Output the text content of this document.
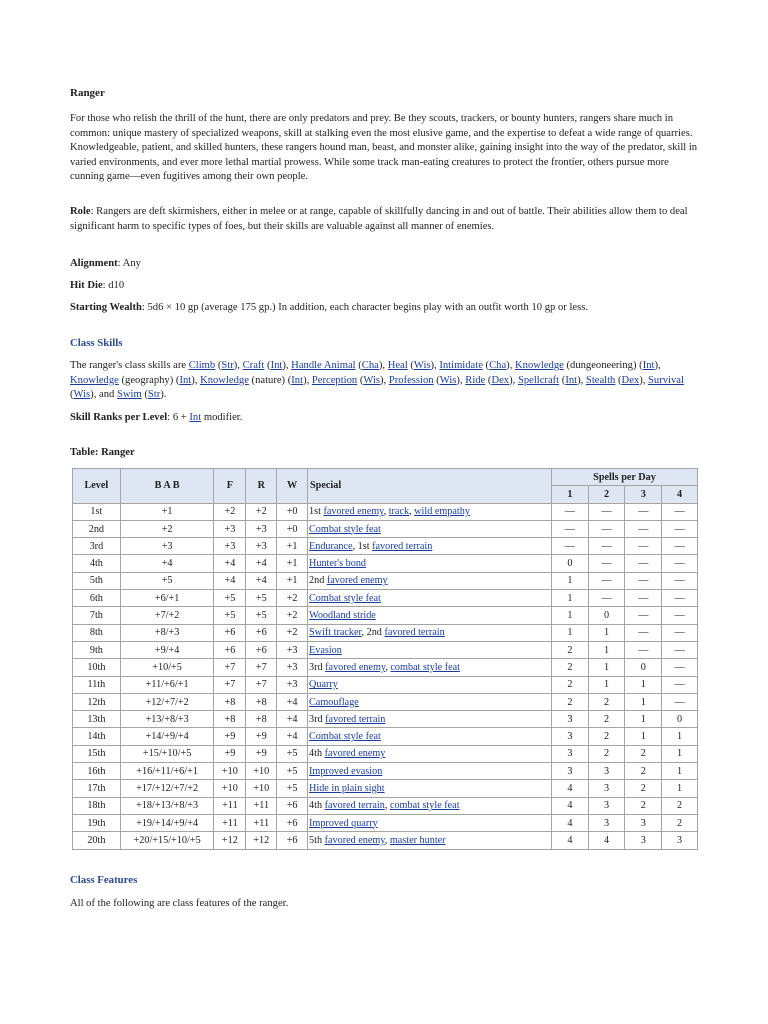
Ranger

For those who relish the thrill of the hunt, there are only predators and prey. Be they scouts, trackers, or bounty hunters, rangers share much in common: unique mastery of specialized weapons, skill at stalking even the most elusive game, and the expertise to defeat a wide range of quarries. Knowledgeable, patient, and skilled hunters, these rangers hound man, beast, and monster alike, gaining insight into the way of the predator, skill in varied environments, and ever more lethal martial prowess. While some track man-eating creatures to protect the frontier, others pursue more cunning game—even fugitives among their own people.

Role: Rangers are deft skirmishers, either in melee or at range, capable of skillfully dancing in and out of battle. Their abilities allow them to deal significant harm to specific types of foes, but their skills are valuable against all manner of enemies.

Alignment: Any

Hit Die: d10

Starting Wealth: 5d6 × 10 gp (average 175 gp.) In addition, each character begins play with an outfit worth 10 gp or less.

Class Skills

The ranger's class skills are Climb (Str), Craft (Int), Handle Animal (Cha), Heal (Wis), Intimidate (Cha), Knowledge (dungeoneering) (Int), Knowledge (geography) (Int), Knowledge (nature) (Int), Perception (Wis), Profession (Wis), Ride (Dex), Spellcraft (Int), Stealth (Dex), Survival (Wis), and Swim (Str).

Skill Ranks per Level: 6 + Int modifier.

Table: Ranger
Level	B A B	F	R	W	Special	Spells per Day			
						1	2	3	4
1st	+1	+2	+2	+0	1st favored enemy, track, wild empathy	—	—	—	—
2nd	+2	+3	+3	+0	Combat style feat	—	—	—	—
3rd	+3	+3	+3	+1	Endurance, 1st favored terrain	—	—	—	—
4th	+4	+4	+4	+1	Hunter's bond	0	—	—	—
5th	+5	+4	+4	+1	2nd favored enemy	1	—	—	—
6th	+6/+1	+5	+5	+2	Combat style feat	1	—	—	—
7th	+7/+2	+5	+5	+2	Woodland stride	1	0	—	—
8th	+8/+3	+6	+6	+2	Swift tracker, 2nd favored terrain	1	1	—	—
9th	+9/+4	+6	+6	+3	Evasion	2	1	—	—
10th	+10/+5	+7	+7	+3	3rd favored enemy, combat style feat	2	1	0	—
11th	+11/+6/+1	+7	+7	+3	Quarry	2	1	1	—
12th	+12/+7/+2	+8	+8	+4	Camouflage	2	2	1	—
13th	+13/+8/+3	+8	+8	+4	3rd favored terrain	3	2	1	0
14th	+14/+9/+4	+9	+9	+4	Combat style feat	3	2	1	1
15th	+15/+10/+5	+9	+9	+5	4th favored enemy	3	2	2	1
16th	+16/+11/+6/+1	+10	+10	+5	Improved evasion	3	3	2	1
17th	+17/+12/+7/+2	+10	+10	+5	Hide in plain sight	4	3	2	1
18th	+18/+13/+8/+3	+11	+11	+6	4th favored terrain, combat style feat	4	3	2	2
19th	+19/+14/+9/+4	+11	+11	+6	Improved quarry	4	3	3	2
20th	+20/+15/+10/+5	+12	+12	+6	5th favored enemy, master hunter	4	4	3	3
Class Features

All of the following are class features of the ranger.
